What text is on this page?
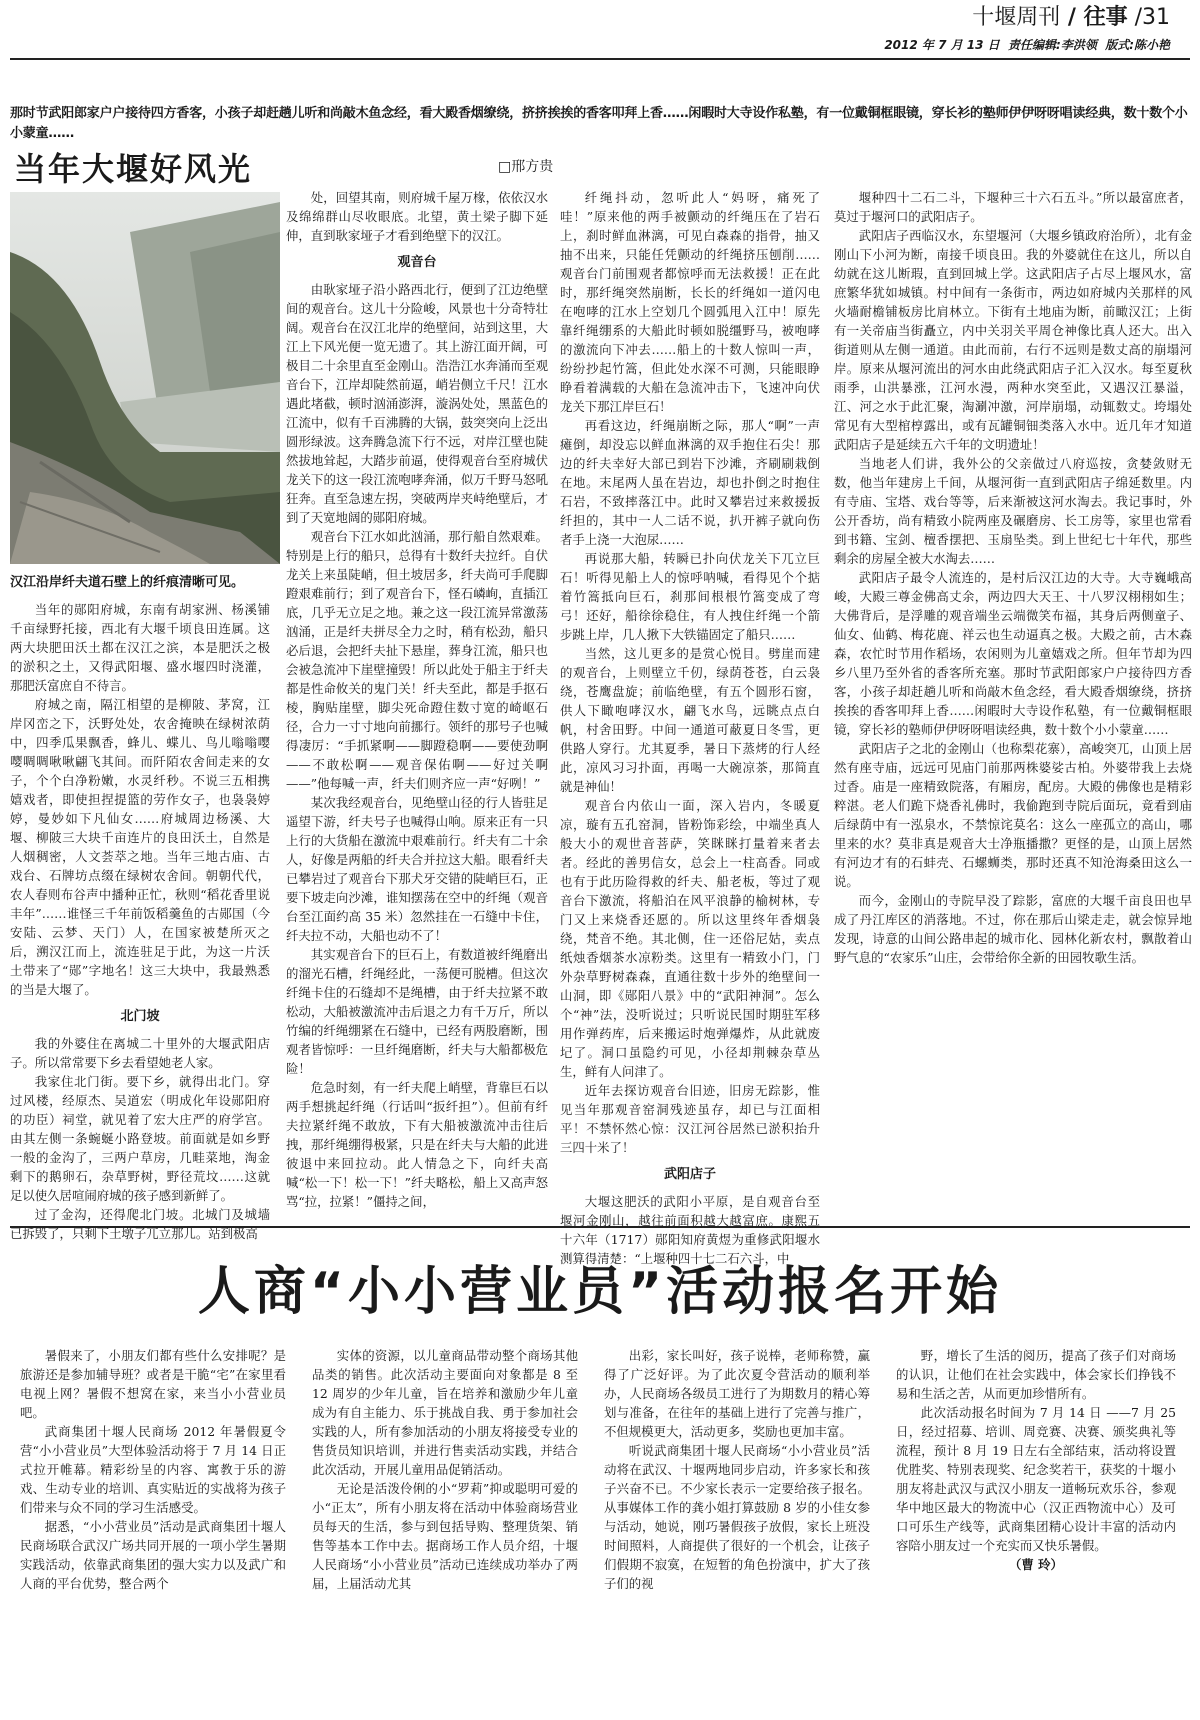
十堰周刊 / 往事 /31
2012 年 7 月 13 日 责任编辑:李洪领 版式:陈小艳
那时节武阳郎家户户接待四方香客，小孩子却赶趟儿听和尚敲木鱼念经，看大殿香烟缭绕，挤挤挨挨的香客叩拜上香……闲暇时大寺设作私塾，有一位戴铜框眼镜，穿长衫的塾师伊伊呀呀唱读经典，数十数个小小蒙童……
当年大堰好风光	□邢方贵
汉江沿岸纤夫道石壁上的纤痕清晰可见。

当年的郧阳府城，东南有胡家洲、杨溪铺千亩绿野托接，西北有大堰千顷良田连属。这两大块肥田沃土都在汉江之滨，本是肥沃之极的淤积之土，又得武阳堰、盛水堰四时浇灌，那肥沃富庶自不待言。

府城之南，隔江相望的是柳陂、茅窝，江岸冈峦之下，沃野处处，农舍掩映在绿树浓荫中，四季瓜果飘香，蜂儿、蝶儿、鸟儿嗡嗡嘤嘤啁啁啾啾翩飞其间。而阡陌农舍间走来的女子，个个白净粉嫩，水灵纤秒。不说三五相携嬉戏者，即使担捏提篮的劳作女子，也袅袅婷婷，曼妙如下凡仙女……府城周边杨溪、大堰、柳陂三大块千亩连片的良田沃土，自然是人烟稠密，人文荟萃之地。当年三地古庙、古戏台、石牌坊点缀在绿树农舍间。朝朝代代，农人春则布谷声中播种正忙，秋则“稻花香里说丰年”……谁怪三千年前饭稻羹鱼的古郧国（今安陆、云梦、天门）人，在国家被楚所灭之后，溯汉江而上，流连驻足于此，为这一片沃土带来了“郧”字地名！这三大块中，我最熟悉的当是大堰了。

北门坡

我的外婆住在离城二十里外的大堰武阳店子。所以常常要下乡去看望她老人家。

我家住北门街。要下乡，就得出北门。穿过风楼，经原杰、吴道宏（明成化年设郧阳府的功臣）祠堂，就见着了宏大庄严的府学宫。由其左侧一条蜿蜒小路登坡。前面就是如乡野一般的金沟了，三两户草房，几畦菜地，淘金剩下的鹅卵石，杂草野树，野径荒坟……这就足以使久居喧闹府城的孩子感到新鲜了。

过了金沟，还得爬北门坡。北城门及城墙已拆毁了，只剩下土墩子兀立那儿。站到极高

处，回望其南，则府城千屋万椽，依依汉水及绵绵群山尽收眼底。北望，黄土梁子脚下延伸，直到耿家垭子才看到绝壁下的汉江。

观音台

由耿家垭子沿小路西北行，便到了江边绝壁间的观音台。这儿十分险峻，风景也十分奇特壮阔。观音台在汉江北岸的绝壁间，站到这里，大江上下风光便一览无遗了。其上游江面开阔，可极目二十余里直至金刚山。浩浩江水奔涌而至观音台下，江岸却陡然前逼，峭岩侧立千尺！江水遇此堵截，顿时汹涌澎湃，漩涡处处，黑蓝色的江流中，似有千百沸腾的大锅，鼓突突向上泛出圆形绿波。这奔腾急流下行不远，对岸江壁也陡然拔地耸起，大踏步前逼，使得观音台至府城伏龙关下的这一段江流咆哮奔涌，似万千野马怒吼狂奔。直至急速左拐，突破两岸夹峙绝壁后，才到了天宽地阔的郧阳府城。

观音台下江水如此汹涌，那行船自然艰难。特别是上行的船只，总得有十数纤夫拉纤。自伏龙关上来虽陡峭，但土坡居多，纤夫尚可手爬脚蹬艰难前行；到了观音台下，怪石嶙峋，直插江底，几乎无立足之地。兼之这一段江流异常激荡汹涌，正是纤夫拼尽全力之时，稍有松劲，船只必后退，会把纤夫扯下悬崖，葬身江流，船只也会被急流冲下崖壁撞毁！所以此处于船主于纤夫都是性命攸关的鬼门关！纤夫至此，都是手抠石棱，胸贴崖壁，脚尖死命蹬住数寸宽的崎岖石径，合力一寸寸地向前挪行。领纤的那号子也喊得凄厉：“手抓紧啊——脚蹬稳啊——要使劲啊——不敢松啊——观音保佑啊——好过关啊——”他每喊一声，纤夫们则齐应一声“好咧！”

某次我经观音台，见绝壁山径的行人皆驻足遥望下游，纤夫号子也喊得山响。原来正有一只上行的大货船在激流中艰难前行。纤夫有二十余人，好像是两船的纤夫合并拉这大船。眼看纤夫已攀岩过了观音台下那犬牙交错的陡峭巨石，正要下坡走向沙滩，谁知摆荡在空中的纤绳（观音台至江面约高 35 米）忽然挂在一石缝中卡住，纤夫拉不动，大船也动不了！

其实观音台下的巨石上，有数道被纤绳磨出的溜光石槽，纤绳经此，一荡便可脱槽。但这次纤绳卡住的石缝却不是绳槽，由于纤夫拉紧不敢松动，大船被激流冲击后退之力有千万斤，所以竹编的纤绳绷紧在石缝中，已经有两股磨断，围观者皆惊呼：一旦纤绳磨断，纤夫与大船都极危险！

危急时刻，有一纤夫爬上峭壁，背靠巨石以两手想挑起纤绳（行话叫“扳纤担”）。但前有纤夫拉紧纤绳不敢放，下有大船被激流冲击往后拽，那纤绳绷得极紧，只是在纤夫与大船的此进彼退中来回拉动。此人情急之下，向纤夫高喊“松一下！松一下！”纤夫略松，船上又高声怒骂“拉，拉紧！”僵持之间，

纤绳抖动，忽听此人“妈呀，痛死了哇！”原来他的两手被颤动的纤绳压在了岩石上，刹时鲜血淋漓，可见白森森的指骨，抽又抽不出来，只能任凭颤动的纤绳挤压刨削……观音台门前围观者都惊呼而无法救援！正在此时，那纤绳突然崩断，长长的纤绳如一道闪电在咆哮的江水上空划几个圆弧甩入江中！原先靠纤绳绷系的大船此时顿如脱缰野马，被咆哮的激流向下冲去……船上的十数人惊叫一声，纷纷抄起竹篙，但此处水深不可测，只能眼睁睁看着满载的大船在急流冲击下，飞速冲向伏龙关下那江岸巨石！

再看这边，纤绳崩断之际，那人“啊”一声瘫倒，却没忘以鲜血淋漓的双手抱住石尖！那边的纤夫幸好大部已到岩下沙滩，齐刷刷栽倒在地。末尾两人虽在岩边，却也扑倒之时抱住石岩，不致摔落江中。此时又攀岩过来救援扳纤担的，其中一人二话不说，扒开裤子就向伤者手上浇一大泡尿……

再说那大船，转瞬已扑向伏龙关下兀立巨石！听得见船上人的惊呼呐喊，看得见个个掂着竹篙抵向巨石，刹那间根根竹篙变成了弯弓！还好，船徐徐稳住，有人拽住纤绳一个箭步跳上岸，几人揪下大铁锚固定了船只……

当然，这儿更多的是赏心悦目。劈崖而建的观音台，上则壁立千仞，绿荫苍苍，白云袅绕，苍鹰盘旋；前临绝壁，有五个圆形石窗，供人下瞰咆哮汉水，翩飞水鸟，远眺点点白帆，村舍田野。中间一通道可蔽夏日冬雪，更供路人穿行。尤其夏季，暑日下蒸烤的行人经此，凉风习习扑面，再喝一大碗凉茶，那简直就是神仙！

观音台内依山一面，深入岩内，冬暖夏凉，璇有五孔窑洞，皆粉饰彩绘，中端坐真人般大小的观世音菩萨，笑眯眯打量着来者去者。经此的善男信女，总会上一柱高香。同或也有于此历险得救的纤夫、船老板，等过了观音台下激流，将船泊在风平浪静的榆树林，专门又上来烧香还愿的。所以这里终年香烟袅绕，梵音不绝。其北侧，住一还俗尼姑，卖点纸烛香烟茶水凉粉类。这里有一精致小门，门外杂草野树森森，直通往数十步外的绝壁间一山洞，即《郧阳八景》中的“武阳神洞”。怎么个“神”法，没听说过；只听说民国时期驻军移用作弹药库，后来搬运时炮弹爆炸，从此就废圮了。洞口虽隐约可见，小径却荆棘杂草丛生，鲜有人问津了。

近年去探访观音台旧迹，旧房无踪影，惟见当年那观音窑洞残迹虽存，却已与江面相平！不禁怀然心惊：汉江河谷居然已淤积抬升三四十米了！

武阳店子

大堰这肥沃的武阳小平原，是自观音台至堰河金刚山，越往前面积越大越富庶。康熙五十六年（1717）郧阳知府黄煜为重修武阳堰水测算得清楚：“上堰种四十七二石六斗，中

堰种四十二石二斗，下堰种三十六石五斗。”所以最富庶者，莫过于堰河口的武阳店子。

武阳店子西临汉水，东望堰河（大堰乡镇政府治所），北有金刚山下小河为断，南接千顷良田。我的外婆就住在这儿，所以自幼就在这儿断瑕，直到回城上学。这武阳店子占尽上堰风水，富庶繁华犹如城镇。村中间有一条街市，两边如府城内关那样的风火墙耐檐铺板房比肩林立。下街有土地庙为断，前瞰汉江；上街有一关帝庙当街矗立，内中关羽关平周仓神像比真人还大。出入街道则从左侧一通道。由此而前，右行不远则是数丈高的崩塌河岸。原来从堰河流出的河水由此绕武阳店子汇入汉水。每至夏秋雨季，山洪暴涨，江河水漫，两种水突至此，又遇汉江暴溢，江、河之水于此汇聚，淘涮冲激，河岸崩塌，动辄数丈。垮塌处常见有大型棺椁露出，或有瓦罐铜钿类落入水中。近几年才知道武阳店子是延续五六千年的文明遗址！

当地老人们讲，我外公的父亲做过八府巡按，贪婪敛财无数，他当年建房上千间，从堰河街一直到武阳店子绵延数里。内有寺庙、宝塔、戏台等等，后来渐被这河水淘去。我记事时，外公开香坊，尚有精致小院两座及碾磨房、长工房等，家里也常看到书籍、宝剑、檀香摆把、玉扇坠类。到上世纪七十年代，那些剩余的房屋全被大水淘去……

武阳店子最令人流连的，是村后汉江边的大寺。大寺巍峨高峻，大殿三尊金佛高丈余，两边四大天王、十八罗汉栩栩如生；大佛背后，是浮雕的观音端坐云端微笑布福，其身后两侧童子、仙女、仙鹤、梅花鹿、祥云也生动逼真之极。大殿之前，古木森森，农忙时节用作稻场，农闲则为儿童嬉戏之所。但年节却为四乡八里乃至外省的香客所充塞。那时节武阳郎家户户接待四方香客，小孩子却赶趟儿听和尚敲木鱼念经，看大殿香烟缭绕，挤挤挨挨的香客叩拜上香……闲暇时大寺设作私塾，有一位戴铜框眼镜，穿长衫的塾师伊伊呀呀唱读经典，数十数个小小蒙童……

武阳店子之北的金刚山（也称梨花寨），高峻突兀，山顶上居然有座寺庙，远远可见庙门前那两株婆娑古柏。外婆带我上去烧过香。庙是一座精致院落，有厢房，配房。大殿的佛像也是精彩粹湛。老人们跪下烧香礼佛时，我偷跑到寺院后面玩，竟看到庙后绿荫中有一泓泉水，不禁惊诧莫名：这么一座孤立的高山，哪里来的水？莫非真是观音大士净瓶播撒？更怪的是，山顶上居然有河边才有的石蚌壳、石螺蛳类，那时还真不知沧海桑田这么一说。

而今，金刚山的寺院早没了踪影，富庶的大堰千亩良田也早成了丹江库区的消落地。不过，你在那后山梁走走，就会惊异地发现，诗意的山间公路串起的城市化、园林化新农村，飘散着山野气息的“农家乐”山庄，会带给你全新的田园牧歌生活。

人商“小小营业员”活动报名开始

暑假来了，小朋友们都有些什么安排呢？是旅游还是参加辅导班？或者是干脆“宅”在家里看电视上网？暑假不想窝在家，来当小小营业员吧。

武商集团十堰人民商场 2012 年暑假夏令营“小小营业员”大型体验活动将于 7 月 14 日正式拉开帷幕。精彩纷呈的内容、寓教于乐的游戏、生动专业的培训、真实贴近的实战将为孩子们带来与众不同的学习生活感受。

据悉，“小小营业员”活动是武商集团十堰人民商场联合武汉广场共同开展的一项小学生暑期实践活动，依靠武商集团的强大实力以及武广和人商的平台优势，整合两个

实体的资源，以儿童商品带动整个商场其他品类的销售。此次活动主要面向对象都是 8 至 12 周岁的少年儿童，旨在培养和激励少年儿童成为有自主能力、乐于挑战自我、勇于参加社会实践的人，所有参加活动的小朋友将接受专业的售货员知识培训，并进行售卖活动实践，并结合此次活动，开展儿童用品促销活动。

无论是活泼伶俐的小“罗莉”抑或聪明可爱的小“正太”，所有小朋友将在活动中体验商场营业员每天的生活，参与到包括导购、整理货架、销售等基本工作中去。据商场工作人员介绍，十堰人民商场“小小营业员”活动已连续成功举办了两届，上届活动尤其

出彩，家长叫好，孩子说棒，老师称赞，赢得了广泛好评。为了此次夏令营活动的顺利举办，人民商场各级员工进行了为期数月的精心筹划与准备，在往年的基础上进行了完善与推广，不但规模更大，活动更多，奖励也更加丰富。

听说武商集团十堰人民商场“小小营业员”活动将在武汉、十堰两地同步启动，许多家长和孩子兴奋不已。不少家长表示一定要给孩子报名。从事媒体工作的龚小姐打算鼓励 8 岁的小佳女参与活动，她说，刚巧暑假孩子放假，家长上班没时间照料，人商提供了很好的一个机会，让孩子们假期不寂寞，在短暂的角色扮演中，扩大了孩子们的视

野，增长了生活的阅历，提高了孩子们对商场的认识，让他们在社会实践中，体会家长们挣钱不易和生活之苦，从而更加珍惜所有。

此次活动报名时间为 7 月 14 日 ——7 月 25 日，经过招募、培训、周竞赛、决赛、颁奖典礼等流程，预计 8 月 19 日左右全部结束，活动将设置优胜奖、特别表现奖、纪念奖若干，获奖的十堰小朋友将赴武汉与武汉小朋友一道畅玩欢乐谷，参观华中地区最大的物流中心（汉正西物流中心）及可口可乐生产线等，武商集团精心设计丰富的活动内容陪小朋友过一个充实而又快乐暑假。

（曹 玲）
